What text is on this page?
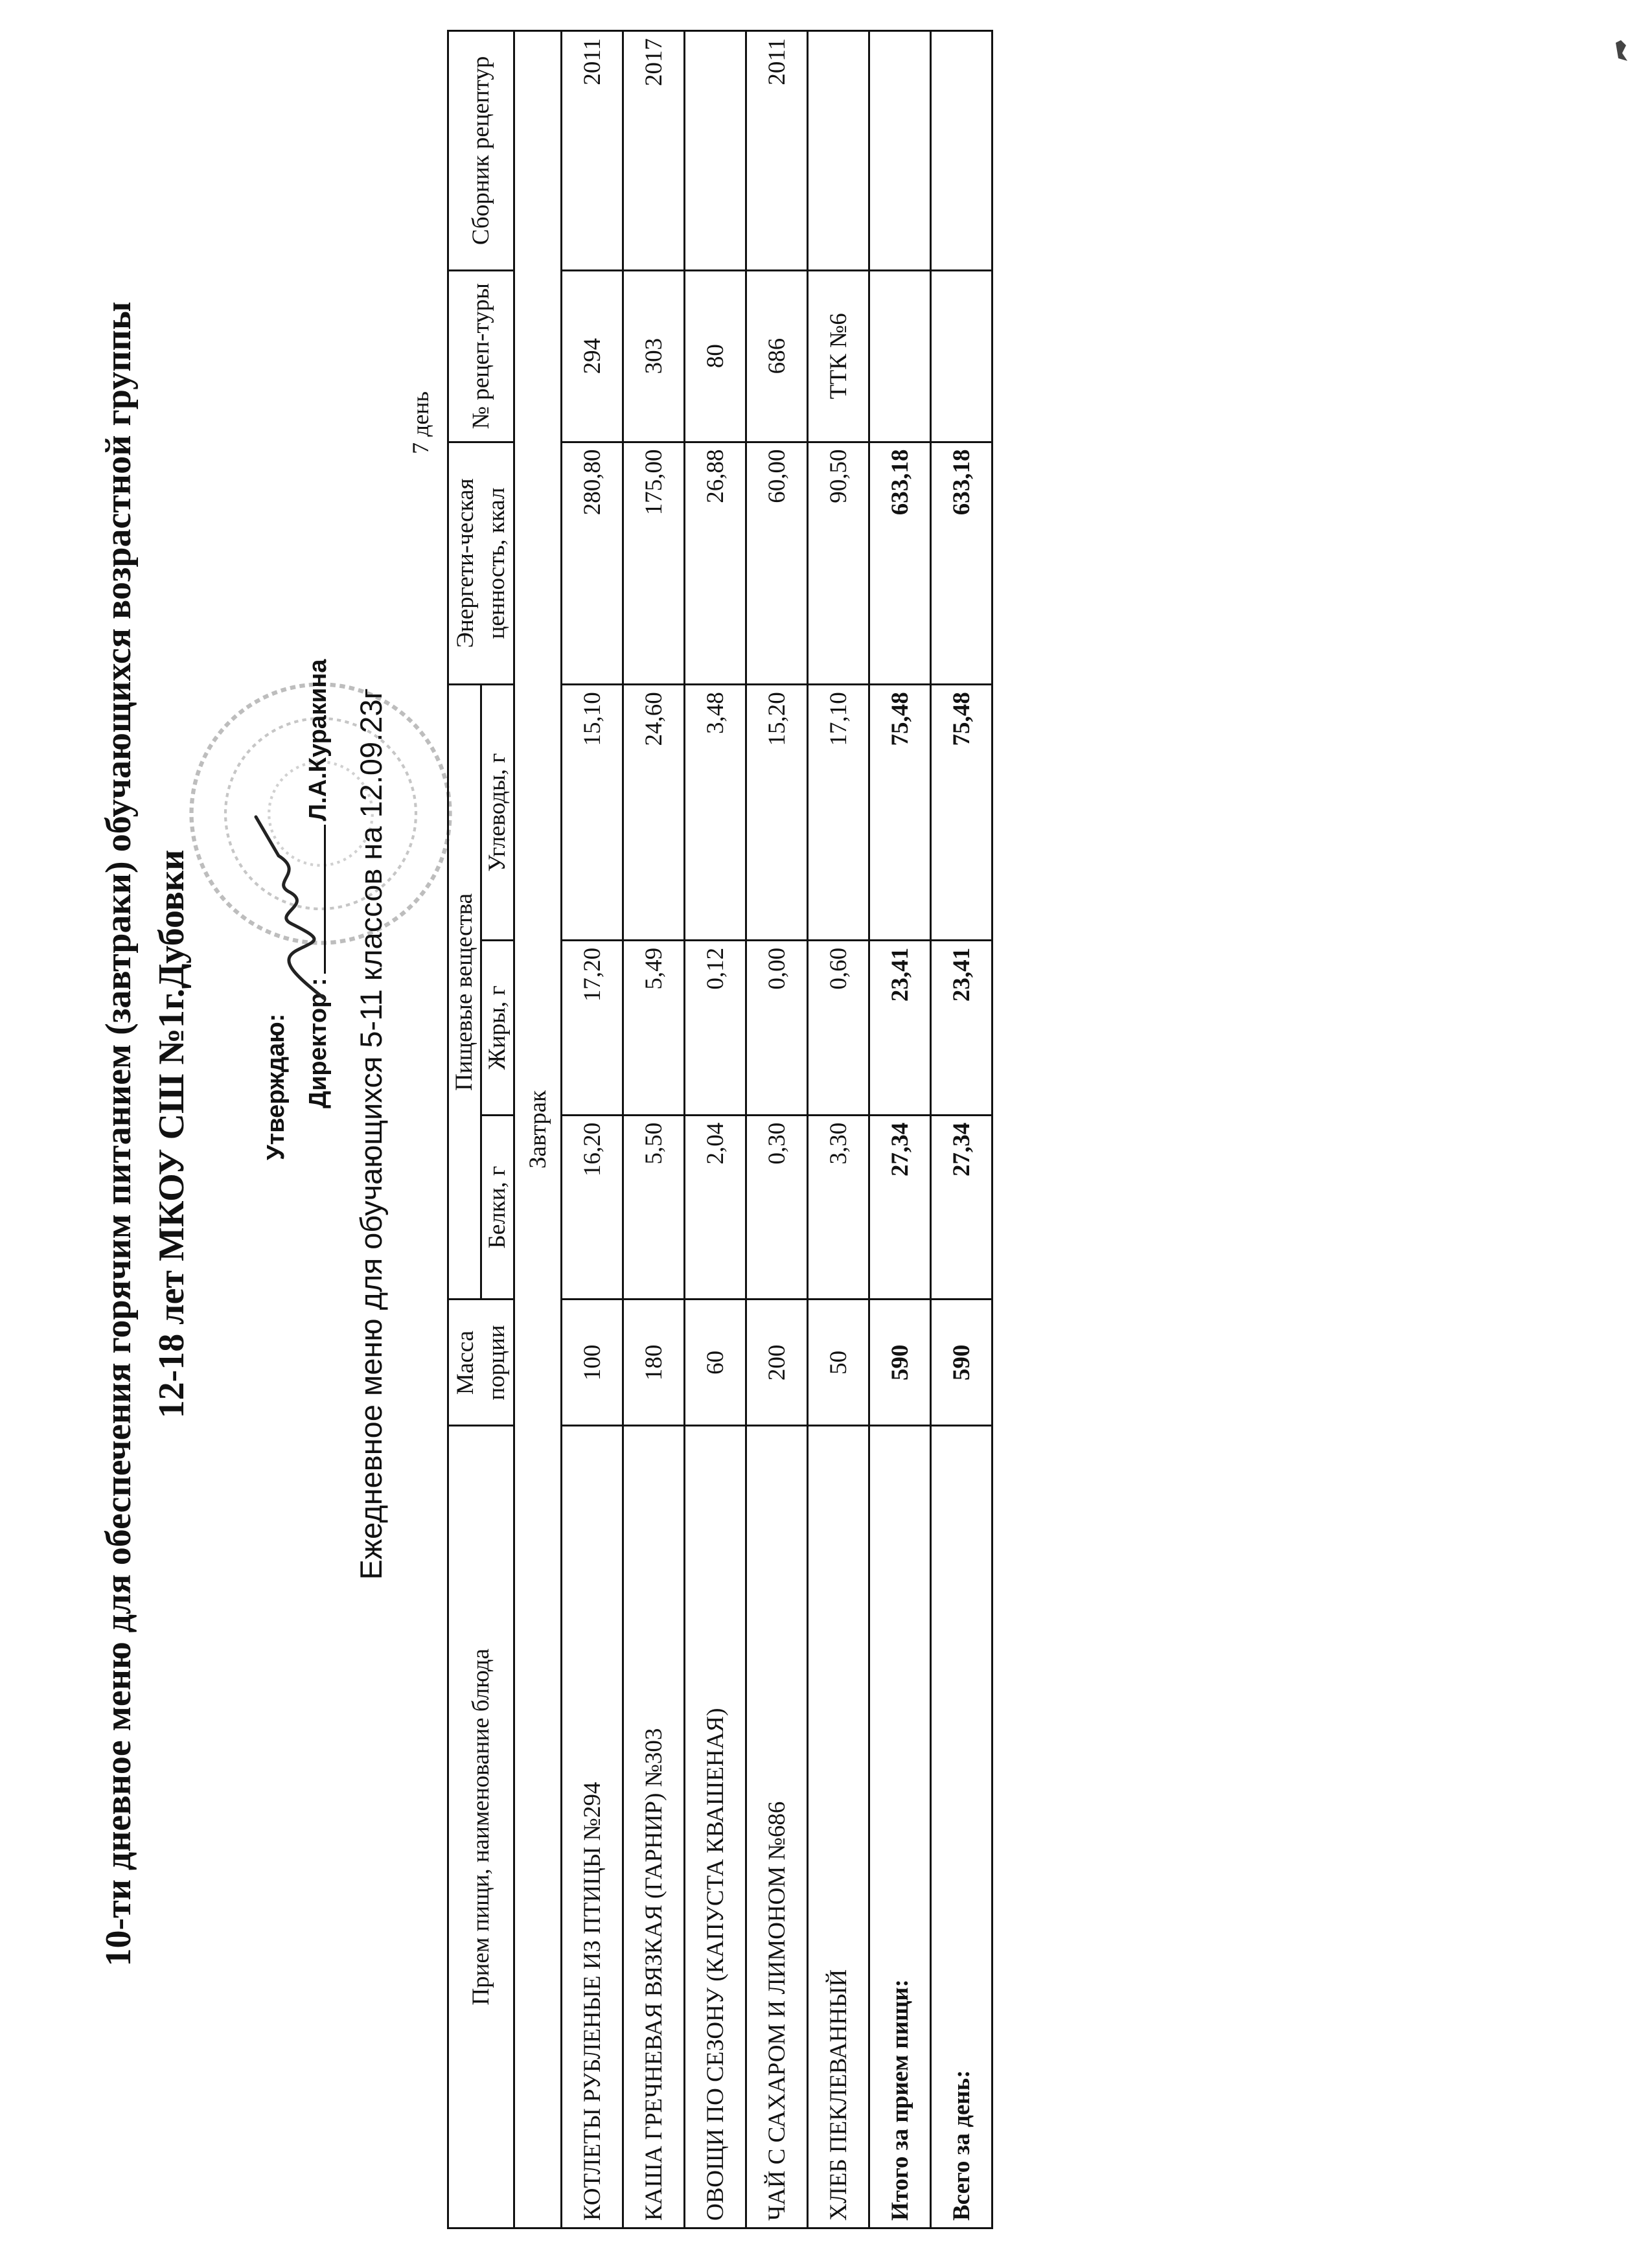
10-ти дневное меню для обеспечения горячим питанием (завтраки) обучающихся возрастной группы 12-18 лет МКОУ СШ №1г.Дубовки	Утверждаю: Директор :Л.А.Куракина Ежедневное меню для обучающихся 5-11 классов на 12.09.23г
7 день
Прием пищи, наименование блюда	Масса порции	Пищевые вещества			Энергети-ческая ценность, ккал	№ рецеп-туры	Сборник рецептур
		Белки, г	Жиры, г	Углеводы, г			
Завтрак							
КОТЛЕТЫ РУБЛЕНЫЕ ИЗ ПТИЦЫ №294	100	16,20	17,20	15,10	280,80	294	2011
КАША ГРЕЧНЕВАЯ ВЯЗКАЯ (ГАРНИР) №303	180	5,50	5,49	24,60	175,00	303	2017
ОВОЩИ ПО СЕЗОНУ (КАПУСТА КВАШЕНАЯ)	60	2,04	0,12	3,48	26,88	80	
ЧАЙ С САХАРОМ И ЛИМОНОМ №686	200	0,30	0,00	15,20	60,00	686	2011
ХЛЕБ ПЕКЛЕВАННЫЙ	50	3,30	0,60	17,10	90,50	ТТК №6	
Итого за прием пищи:	590	27,34	23,41	75,48	633,18		
Всего за день:	590	27,34	23,41	75,48	633,18		
